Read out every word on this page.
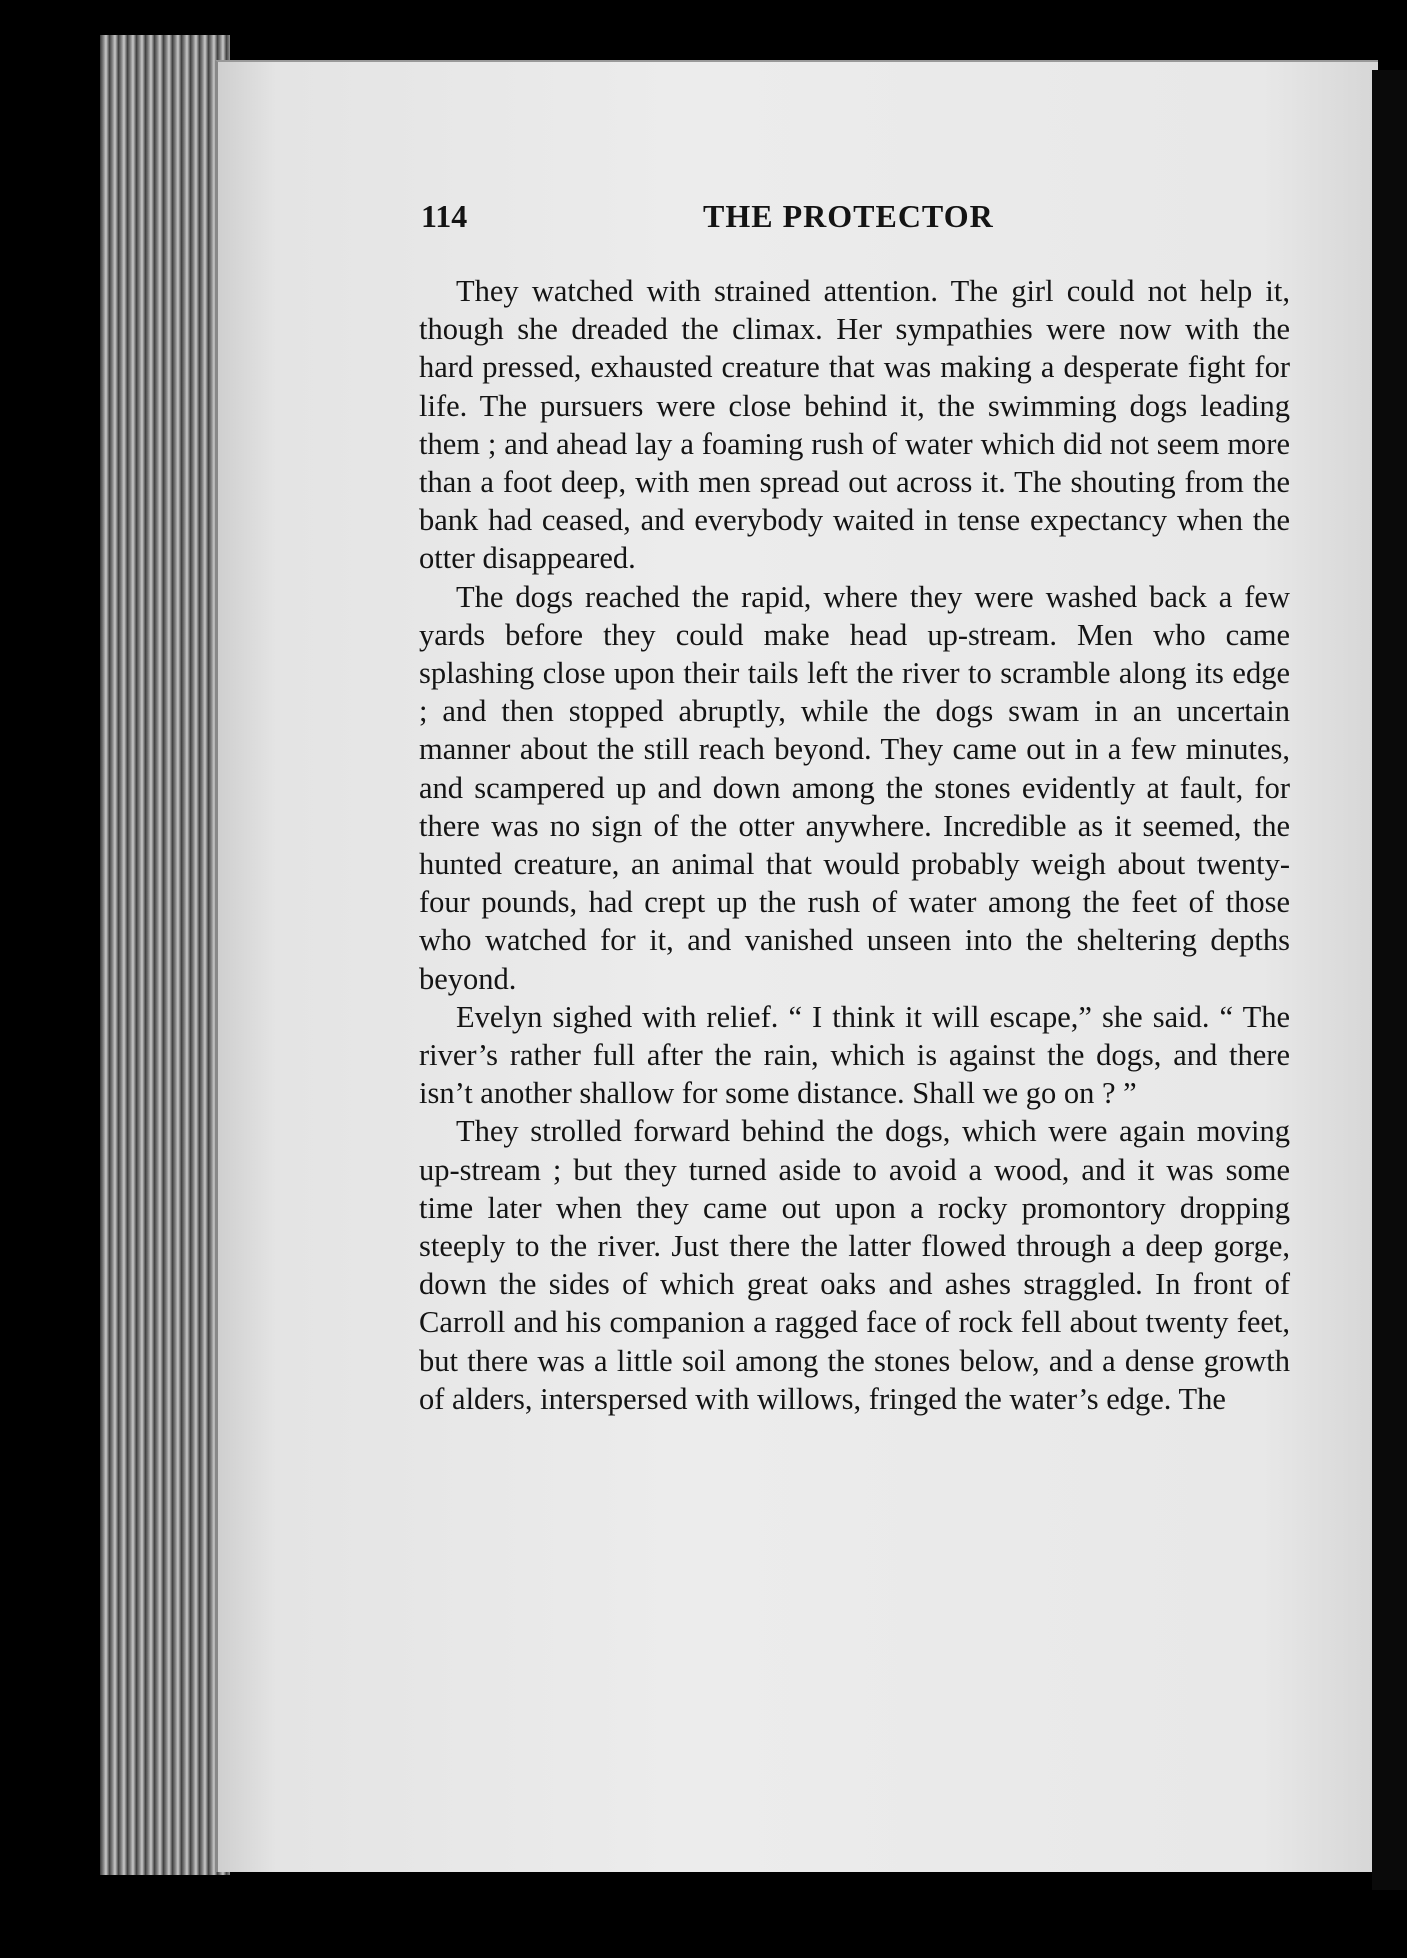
114	THE PROTECTOR

They watched with strained attention. The girl could not help it, though she dreaded the climax. Her sympathies were now with the hard pressed, exhausted creature that was making a desperate fight for life. The pursuers were close behind it, the swimming dogs leading them ; and ahead lay a foaming rush of water which did not seem more than a foot deep, with men spread out across it. The shouting from the bank had ceased, and everybody waited in tense expectancy when the otter disappeared.

The dogs reached the rapid, where they were washed back a few yards before they could make head up-stream. Men who came splashing close upon their tails left the river to scramble along its edge ; and then stopped abruptly, while the dogs swam in an uncertain manner about the still reach beyond. They came out in a few minutes, and scampered up and down among the stones evidently at fault, for there was no sign of the otter anywhere. Incredible as it seemed, the hunted creature, an animal that would probably weigh about twenty-four pounds, had crept up the rush of water among the feet of those who watched for it, and vanished unseen into the sheltering depths beyond.

Evelyn sighed with relief. “ I think it will escape,” she said. “ The river’s rather full after the rain, which is against the dogs, and there isn’t another shallow for some distance. Shall we go on ? ”

They strolled forward behind the dogs, which were again moving up-stream ; but they turned aside to avoid a wood, and it was some time later when they came out upon a rocky promontory dropping steeply to the river. Just there the latter flowed through a deep gorge, down the sides of which great oaks and ashes straggled. In front of Carroll and his companion a ragged face of rock fell about twenty feet, but there was a little soil among the stones below, and a dense growth of alders, interspersed with willows, fringed the water’s edge. The
